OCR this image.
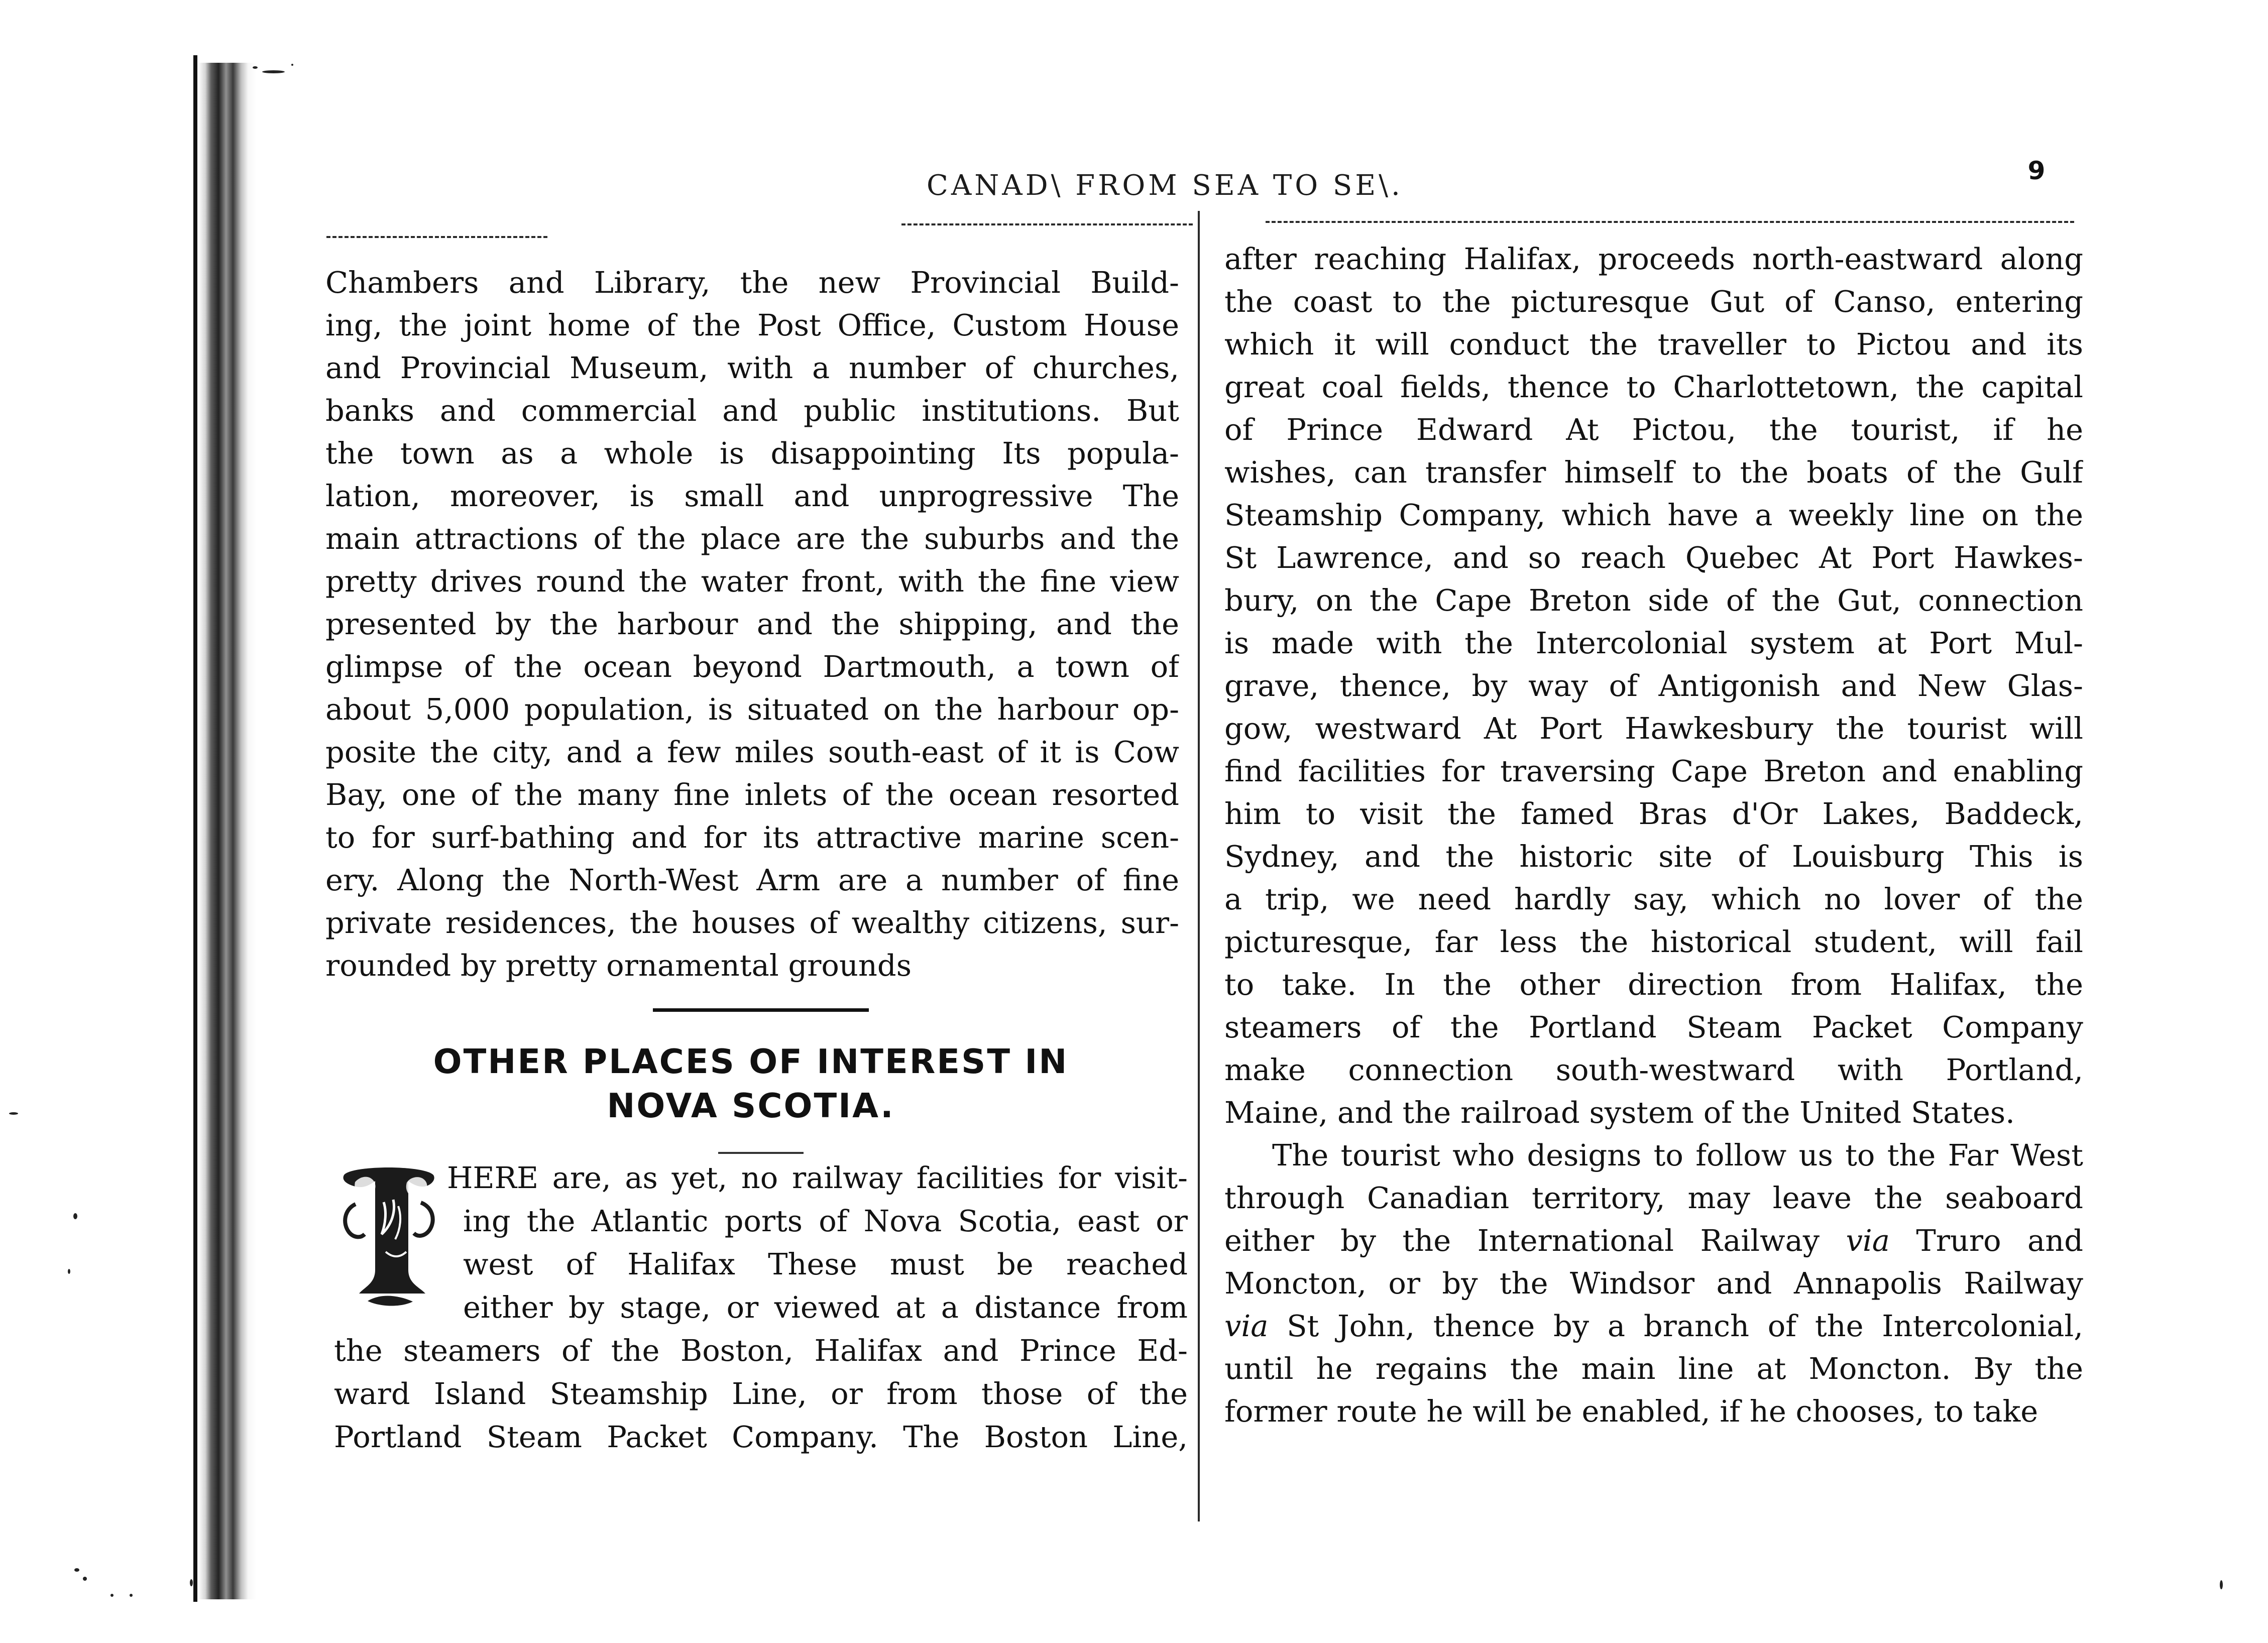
CANAD\ FROM SEA TO SE\.	9

Chambers and Library, the new Provincial Build-
ing, the joint home of the Post Office, Custom House
and Provincial Museum, with a number of churches,
banks and commercial and public institutions. But
the town as a whole is disappointing Its popula-
lation, moreover, is small and unprogressive The
main attractions of the place are the suburbs and the
pretty drives round the water front, with the fine view
presented by the harbour and the shipping, and the
glimpse of the ocean beyond Dartmouth, a town of
about 5,000 population, is situated on the harbour op-
posite the city, and a few miles south-east of it is Cow
Bay, one of the many fine inlets of the ocean resorted
to for surf-bathing and for its attractive marine scen-
ery. Along the North-West Arm are a number of fine
private residences, the houses of wealthy citizens, sur-
rounded by pretty ornamental grounds

OTHER PLACES OF INTEREST IN
NOVA SCOTIA.
HERE are, as yet, no railway facilities for visit-
ing the Atlantic ports of Nova Scotia, east or
west of Halifax These must be reached
either by stage, or viewed at a distance from
the steamers of the Boston, Halifax and Prince Ed-
ward Island Steamship Line, or from those of the
Portland Steam Packet Company. The Boston Line,

after reaching Halifax, proceeds north-eastward along
the coast to the picturesque Gut of Canso, entering
which it will conduct the traveller to Pictou and its
great coal fields, thence to Charlottetown, the capital
of Prince Edward At Pictou, the tourist, if he
wishes, can transfer himself to the boats of the Gulf
Steamship Company, which have a weekly line on the
St Lawrence, and so reach Quebec At Port Hawkes-
bury, on the Cape Breton side of the Gut, connection
is made with the Intercolonial system at Port Mul-
grave, thence, by way of Antigonish and New Glas-
gow, westward At Port Hawkesbury the tourist will
find facilities for traversing Cape Breton and enabling
him to visit the famed Bras d'Or Lakes, Baddeck,
Sydney, and the historic site of Louisburg This is
a trip, we need hardly say, which no lover of the
picturesque, far less the historical student, will fail
to take. In the other direction from Halifax, the
steamers of the Portland Steam Packet Company
make connection south-westward with Portland,
Maine, and the railroad system of the United States.

The tourist who designs to follow us to the Far West
through Canadian territory, may leave the seaboard
either by the International Railway via Truro and
Moncton, or by the Windsor and Annapolis Railway
via St John, thence by a branch of the Intercolonial,
until he regains the main line at Moncton. By the
former route he will be enabled, if he chooses, to take
